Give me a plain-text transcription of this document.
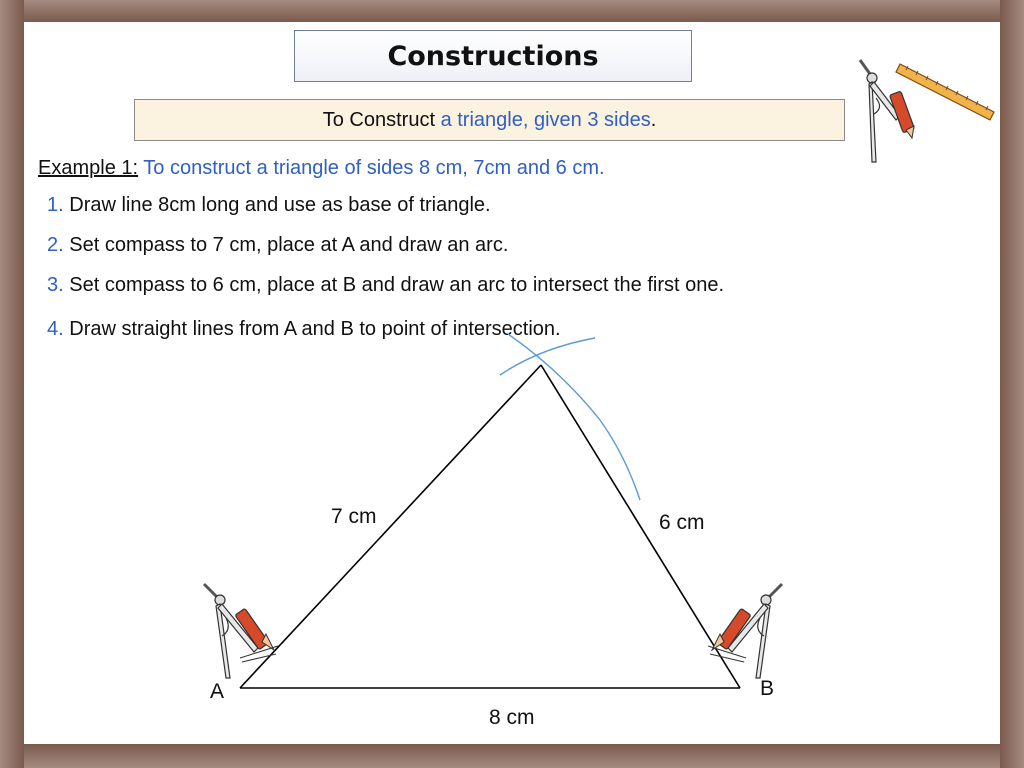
Constructions
To Construct
a triangle, given 3 sides .
Example 1: To construct a triangle of sides 8 cm, 7cm and 6 cm.
1. Draw line 8cm long and use as base of triangle.
2. Set compass to 7 cm, place at A and draw an arc.
3. Set compass to 6 cm, place at B and draw an arc to intersect the first one.
4. Draw straight lines from A and B to point of intersection.
A	B
7 cm	6 cm
8 cm
